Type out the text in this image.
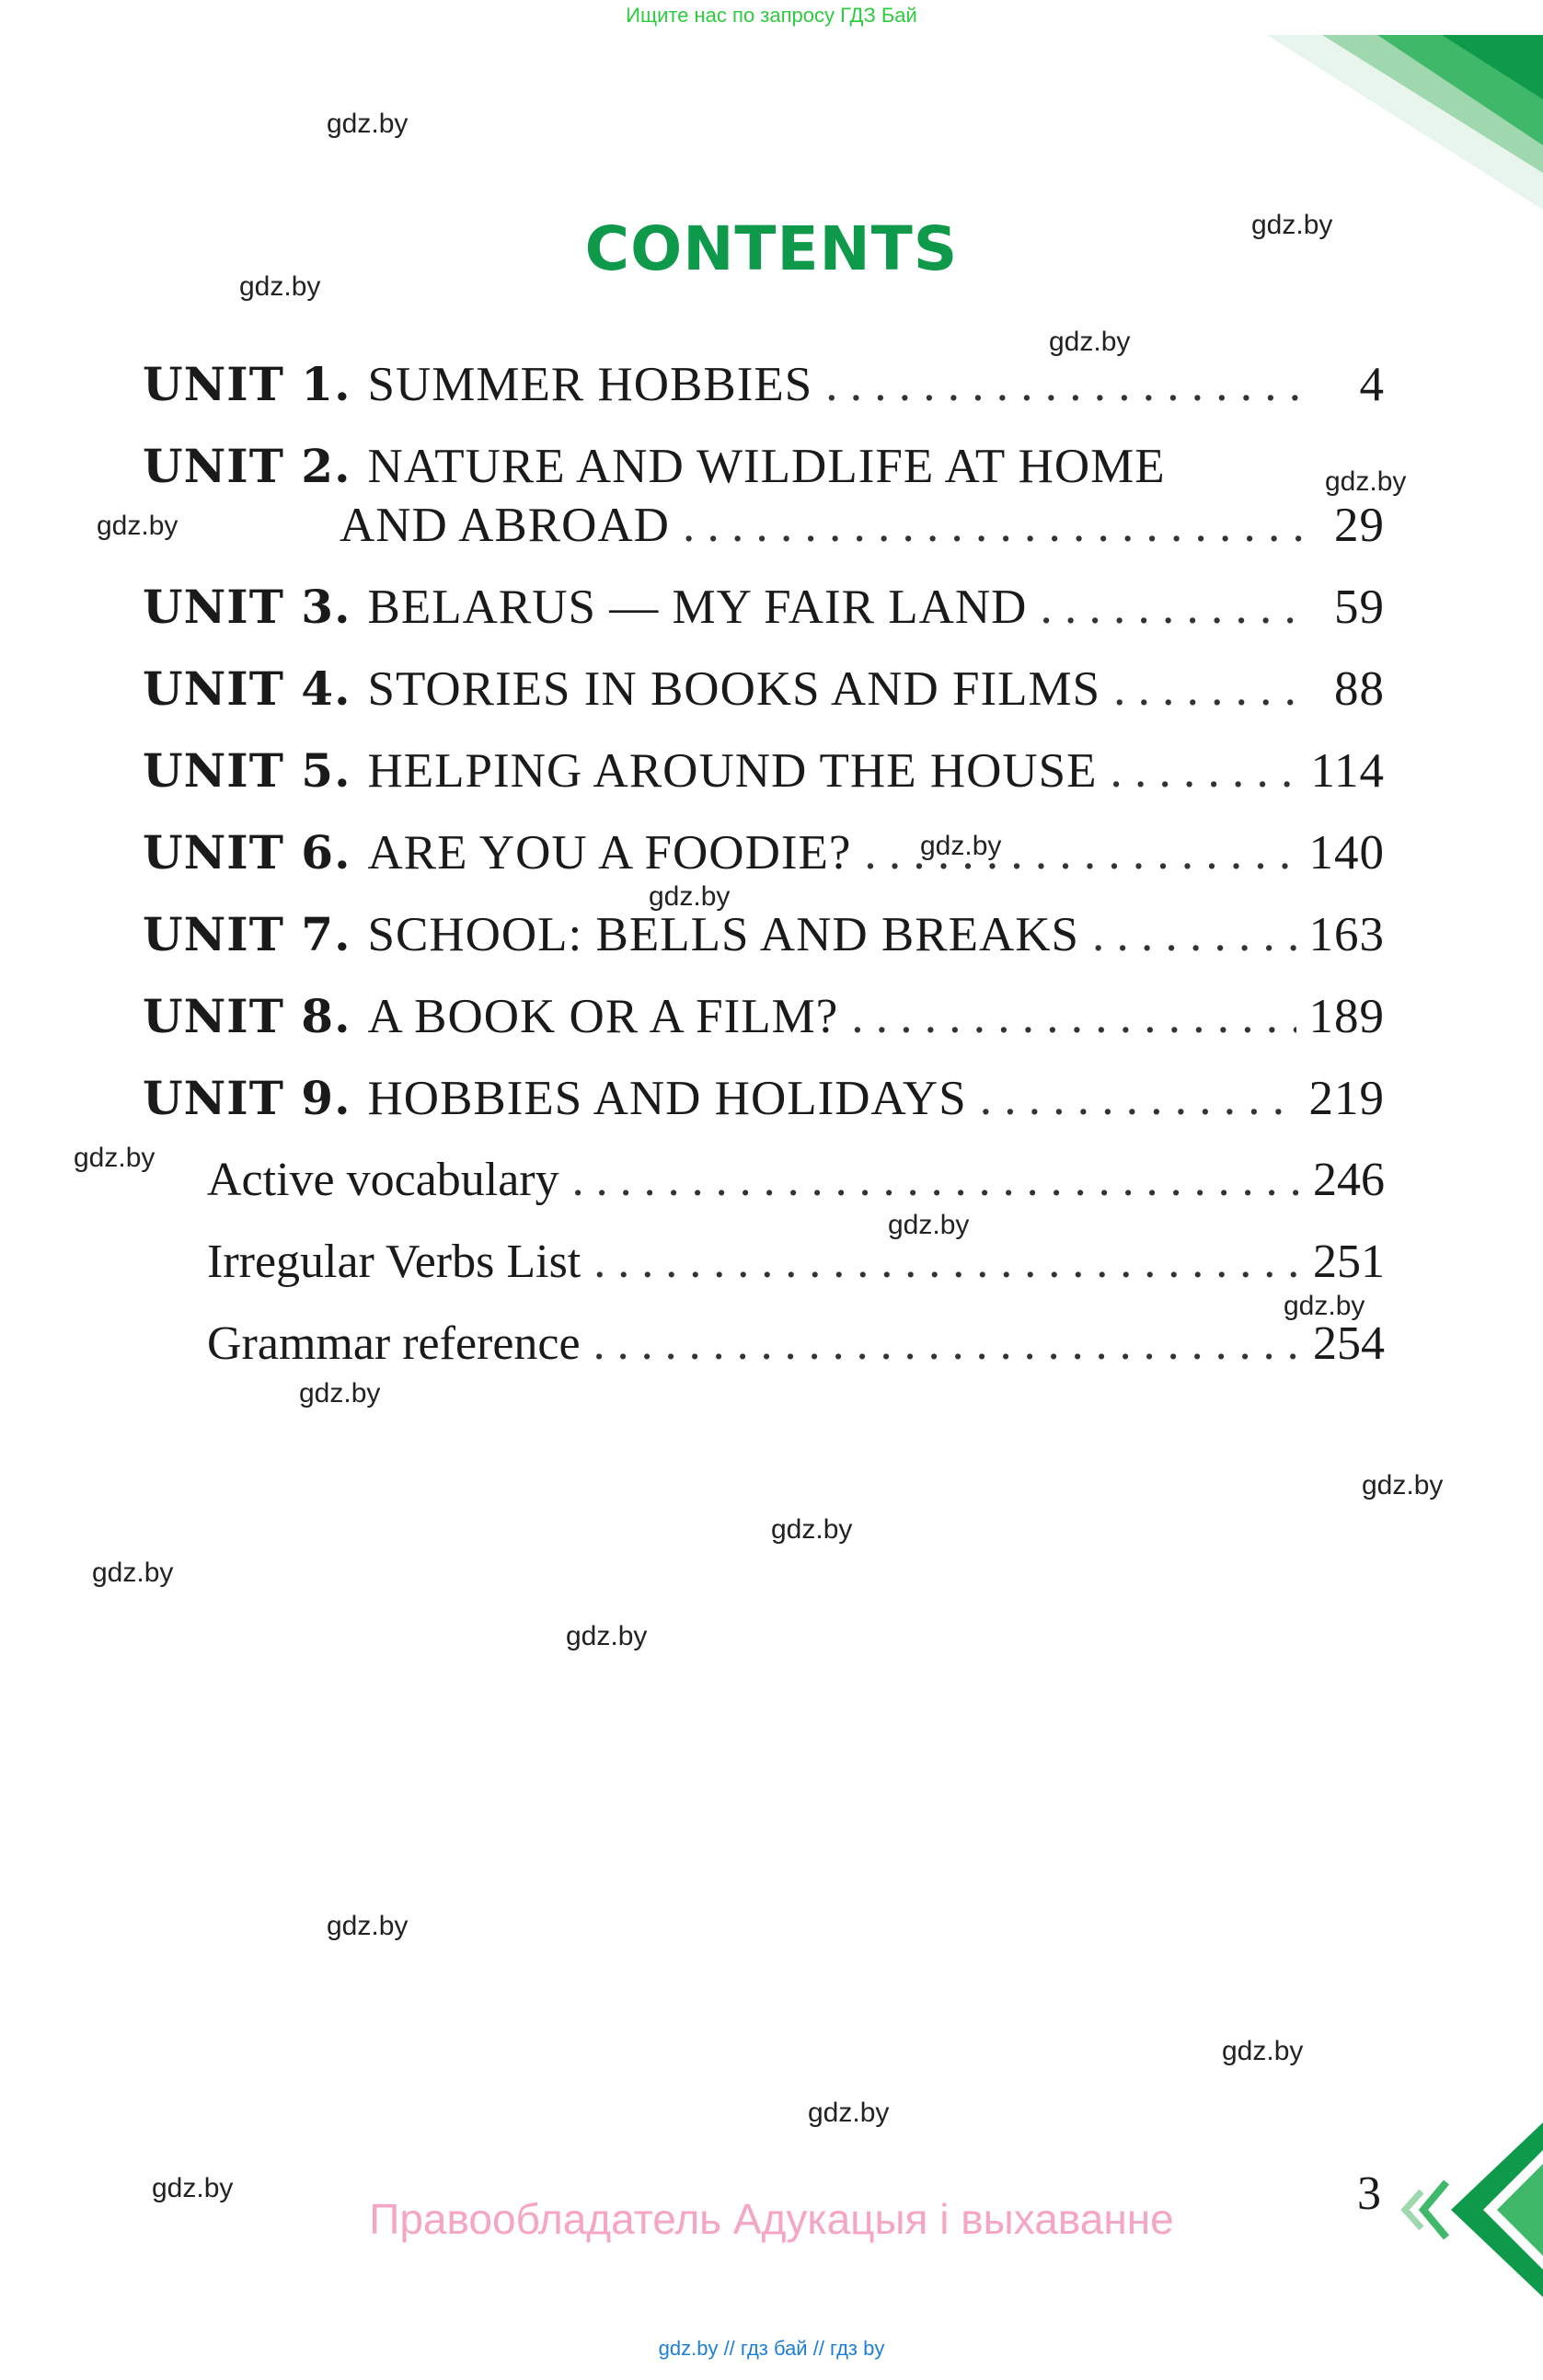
Ищите нас по запросу ГДЗ Бай
CONTENTS
UNIT 1. SUMMER HOBBIES . . .	4
UNIT 2. NATURE AND WILDLIFE AT HOME
AND ABROAD . . .	29
UNIT 3. BELARUS — MY FAIR LAND . . .	59
UNIT 4. STORIES IN BOOKS AND FILMS . . .	88
UNIT 5. HELPING AROUND THE HOUSE . . .	114
UNIT 6. ARE YOU A FOODIE? . . .	140
UNIT 7. SCHOOL: BELLS AND BREAKS . . .	163
UNIT 8. A BOOK OR A FILM? . . .	189
UNIT 9. HOBBIES AND HOLIDAYS . . .	219
Active vocabulary . . .	246
Irregular Verbs List . . .	251
Grammar reference . . .	254
gdz.by
gdz.by
gdz.by
gdz.by
gdz.by
gdz.by
gdz.by
gdz.by
gdz.by
gdz.by
gdz.by
gdz.by
gdz.by
gdz.by
gdz.by
gdz.by
gdz.by
gdz.by
gdz.by
gdz.by
Правообладатель Адукацыя і выхаванне	3
gdz.by // гдз бай // гдз by
